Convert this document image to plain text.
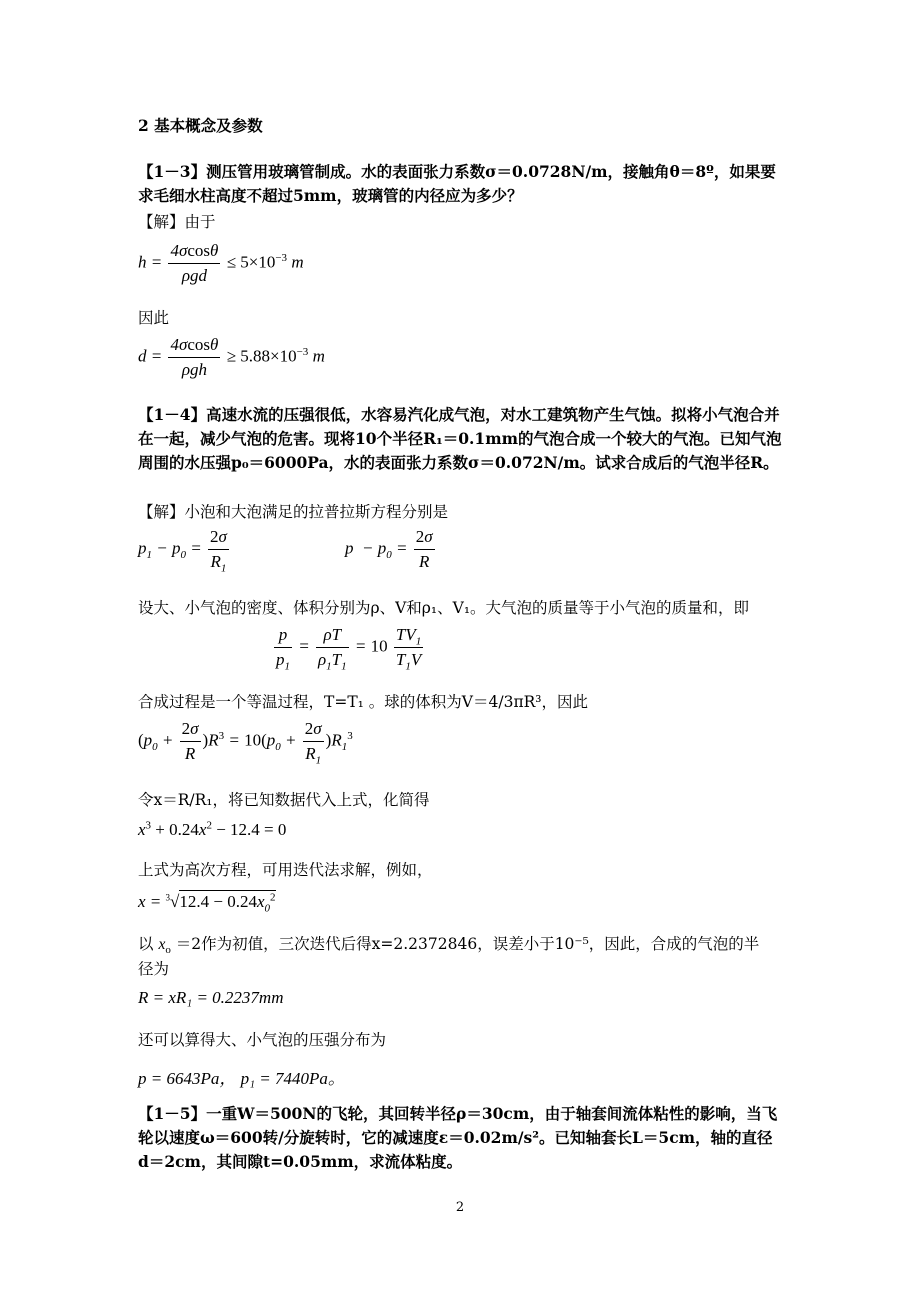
2 基本概念及参数
【1－3】测压管用玻璃管制成。水的表面张力系数σ＝0.0728N/m，接触角θ＝8º，如果要求毛细水柱高度不超过5mm，玻璃管的内径应为多少？
【解】由于
$h = \frac{4\sigma\cos\theta}{\text{ρgd}} \le 5\times 10^{-3}$ m
因此
$d = \frac{4\sigma\cos\theta}{\text{ρgh}} \ge 5.88\times 10^{-3}$ m
【1－4】高速水流的压强很低，水容易汽化成气泡，对水工建筑物产生气蚀。拟将小气泡合并在一起，减少气泡的危害。现将10个半径R₁＝0.1mm的气泡合成一个较大的气泡。已知气泡周围的水压强p₀＝6000Pa，水的表面张力系数σ＝0.072N/m。试求合成后的气泡半径R。
【解】小泡和大泡满足的拉普拉斯方程分别是
$p_1 - p_0 = \frac{2\sigma}{R_1}$	$p - p_0 = \frac{2\sigma}{R}$
设大、小气泡的密度、体积分别为ρ、V和ρ₁、V₁。大气泡的质量等于小气泡的质量和，即
$\frac{p}{p_1} = \frac{\rho T}{\rho_1T_1} = 10 \frac{TV_1}{T_1V}$
合成过程是一个等温过程，T=T₁ 。球的体积为V＝4/3πR³，因此
$(p_0 + \frac{2\sigma}{R} )R^3 = 10(p_0 + \frac{2\sigma}{R_1} )R_1^3$
令x＝R/R₁，将已知数据代入上式，化简得
$x^3 + 0.24x^2 - 12.4 = 0$
上式为高次方程，可用迭代法求解，例如，
$x = ^3√12.4 - 0.24x_0^2$
以 $x_o =2$作为初值，三次迭代后得x=2.2372846，误差小于10⁻⁵，因此，合成的气泡的半
径为
R = xR₁ = 0.2237mm
还可以算得大、小气泡的压强分布为
p = 6643Pa， p₁ = 7440Pa。
【1－5】一重W＝500N的飞轮，其回转半径ρ＝30cm，由于轴套间流体粘性的影响，当飞轮以速度ω＝600转/分旋转时，它的减速度ε＝0.02m/s²。已知轴套长L＝5cm，轴的直径d＝2cm，其间隙t=0.05mm，求流体粘度。
2
